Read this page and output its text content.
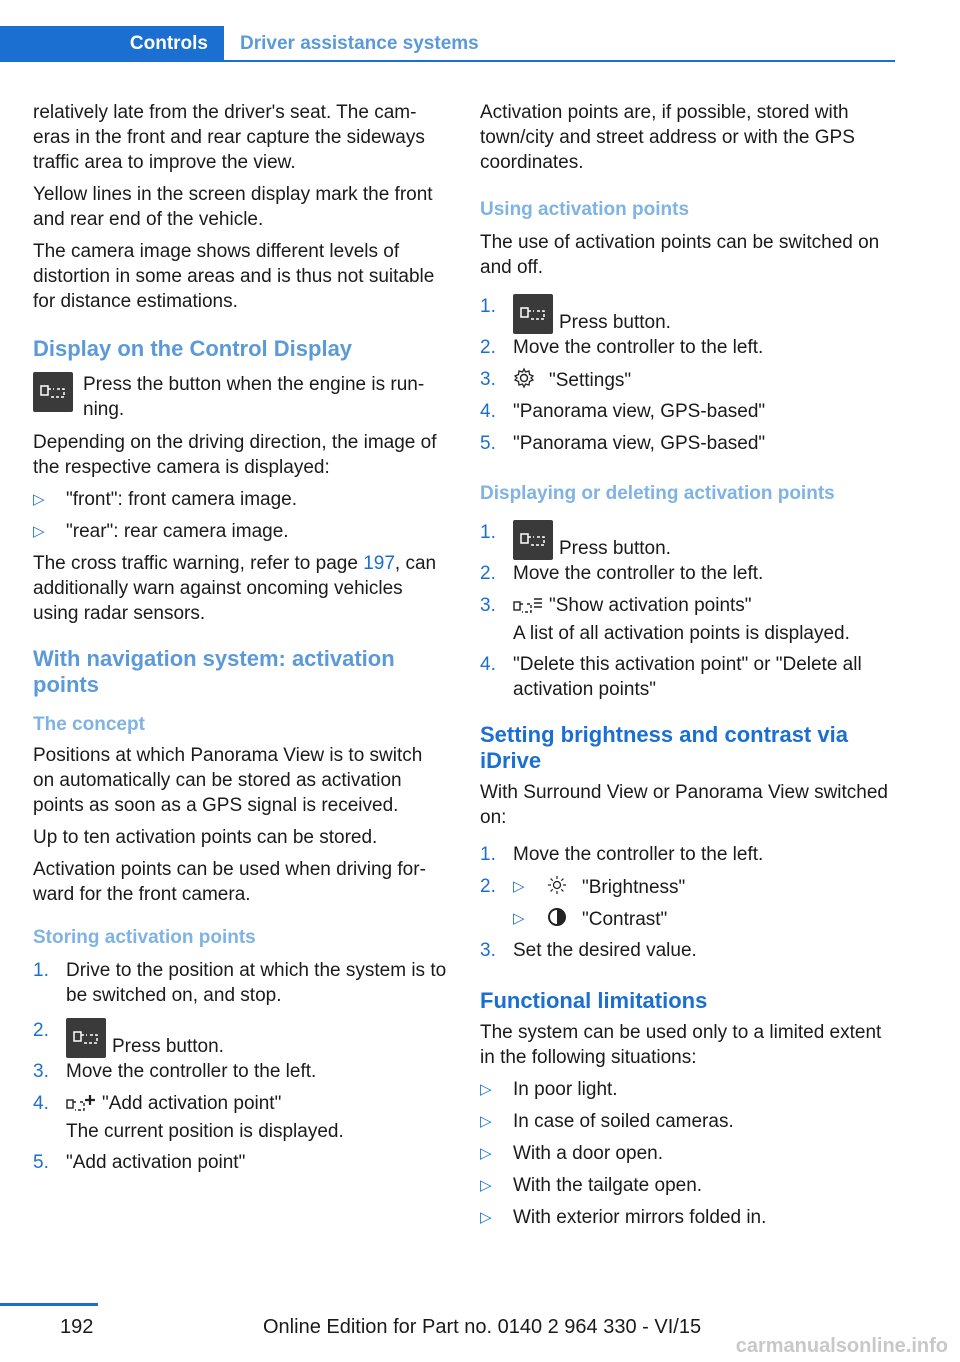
Controls	Driver assistance systems

relatively late from the driver's seat. The cameras in the front and rear capture the sideways traffic area to improve the view.

Yellow lines in the screen display mark the front and rear end of the vehicle.

The camera image shows different levels of distortion in some areas and is thus not suitable for distance estimations.

Display on the Control Display
Press the button when the engine is running.

Depending on the driving direction, the image of the respective camera is displayed:

▷	"front": front camera image.
▷	"rear": rear camera image.

The cross traffic warning, refer to page 197, can additionally warn against oncoming vehicles using radar sensors.

With navigation system: activation points
The concept

Positions at which Panorama View is to switch on automatically can be stored as activation points as soon as a GPS signal is received.

Up to ten activation points can be stored.

Activation points can be used when driving forward for the front camera.

Storing activation points
1. Drive to the position at which the system is to be switched on, and stop.
2.
Press button.
3. Move the controller to the left.
4.	"Add activation point"
The current position is displayed.
5. "Add activation point"

Activation points are, if possible, stored with town/city and street address or with the GPS coordinates.

Using activation points

The use of activation points can be switched on and off.

1.
Press button.
2. Move the controller to the left.
3.	"Settings"
4. "Panorama view, GPS-based"
5. "Panorama view, GPS-based"
Displaying or deleting activation points
1.
Press button.
2. Move the controller to the left.
3.	"Show activation points"
A list of all activation points is displayed.
4. "Delete this activation point" or "Delete all activation points"
Setting brightness and contrast via iDrive

With Surround View or Panorama View switched on:

1. Move the controller to the left.
2.	▷	"Brightness"
▷	"Contrast"
3. Set the desired value.
Functional limitations

The system can be used only to a limited extent in the following situations:

▷	In poor light.
▷	In case of soiled cameras.
▷	With a door open.
▷	With the tailgate open.
▷	With exterior mirrors folded in.
192	Online Edition for Part no. 0140 2 964 330 - VI/15
carmanualsonline.info
